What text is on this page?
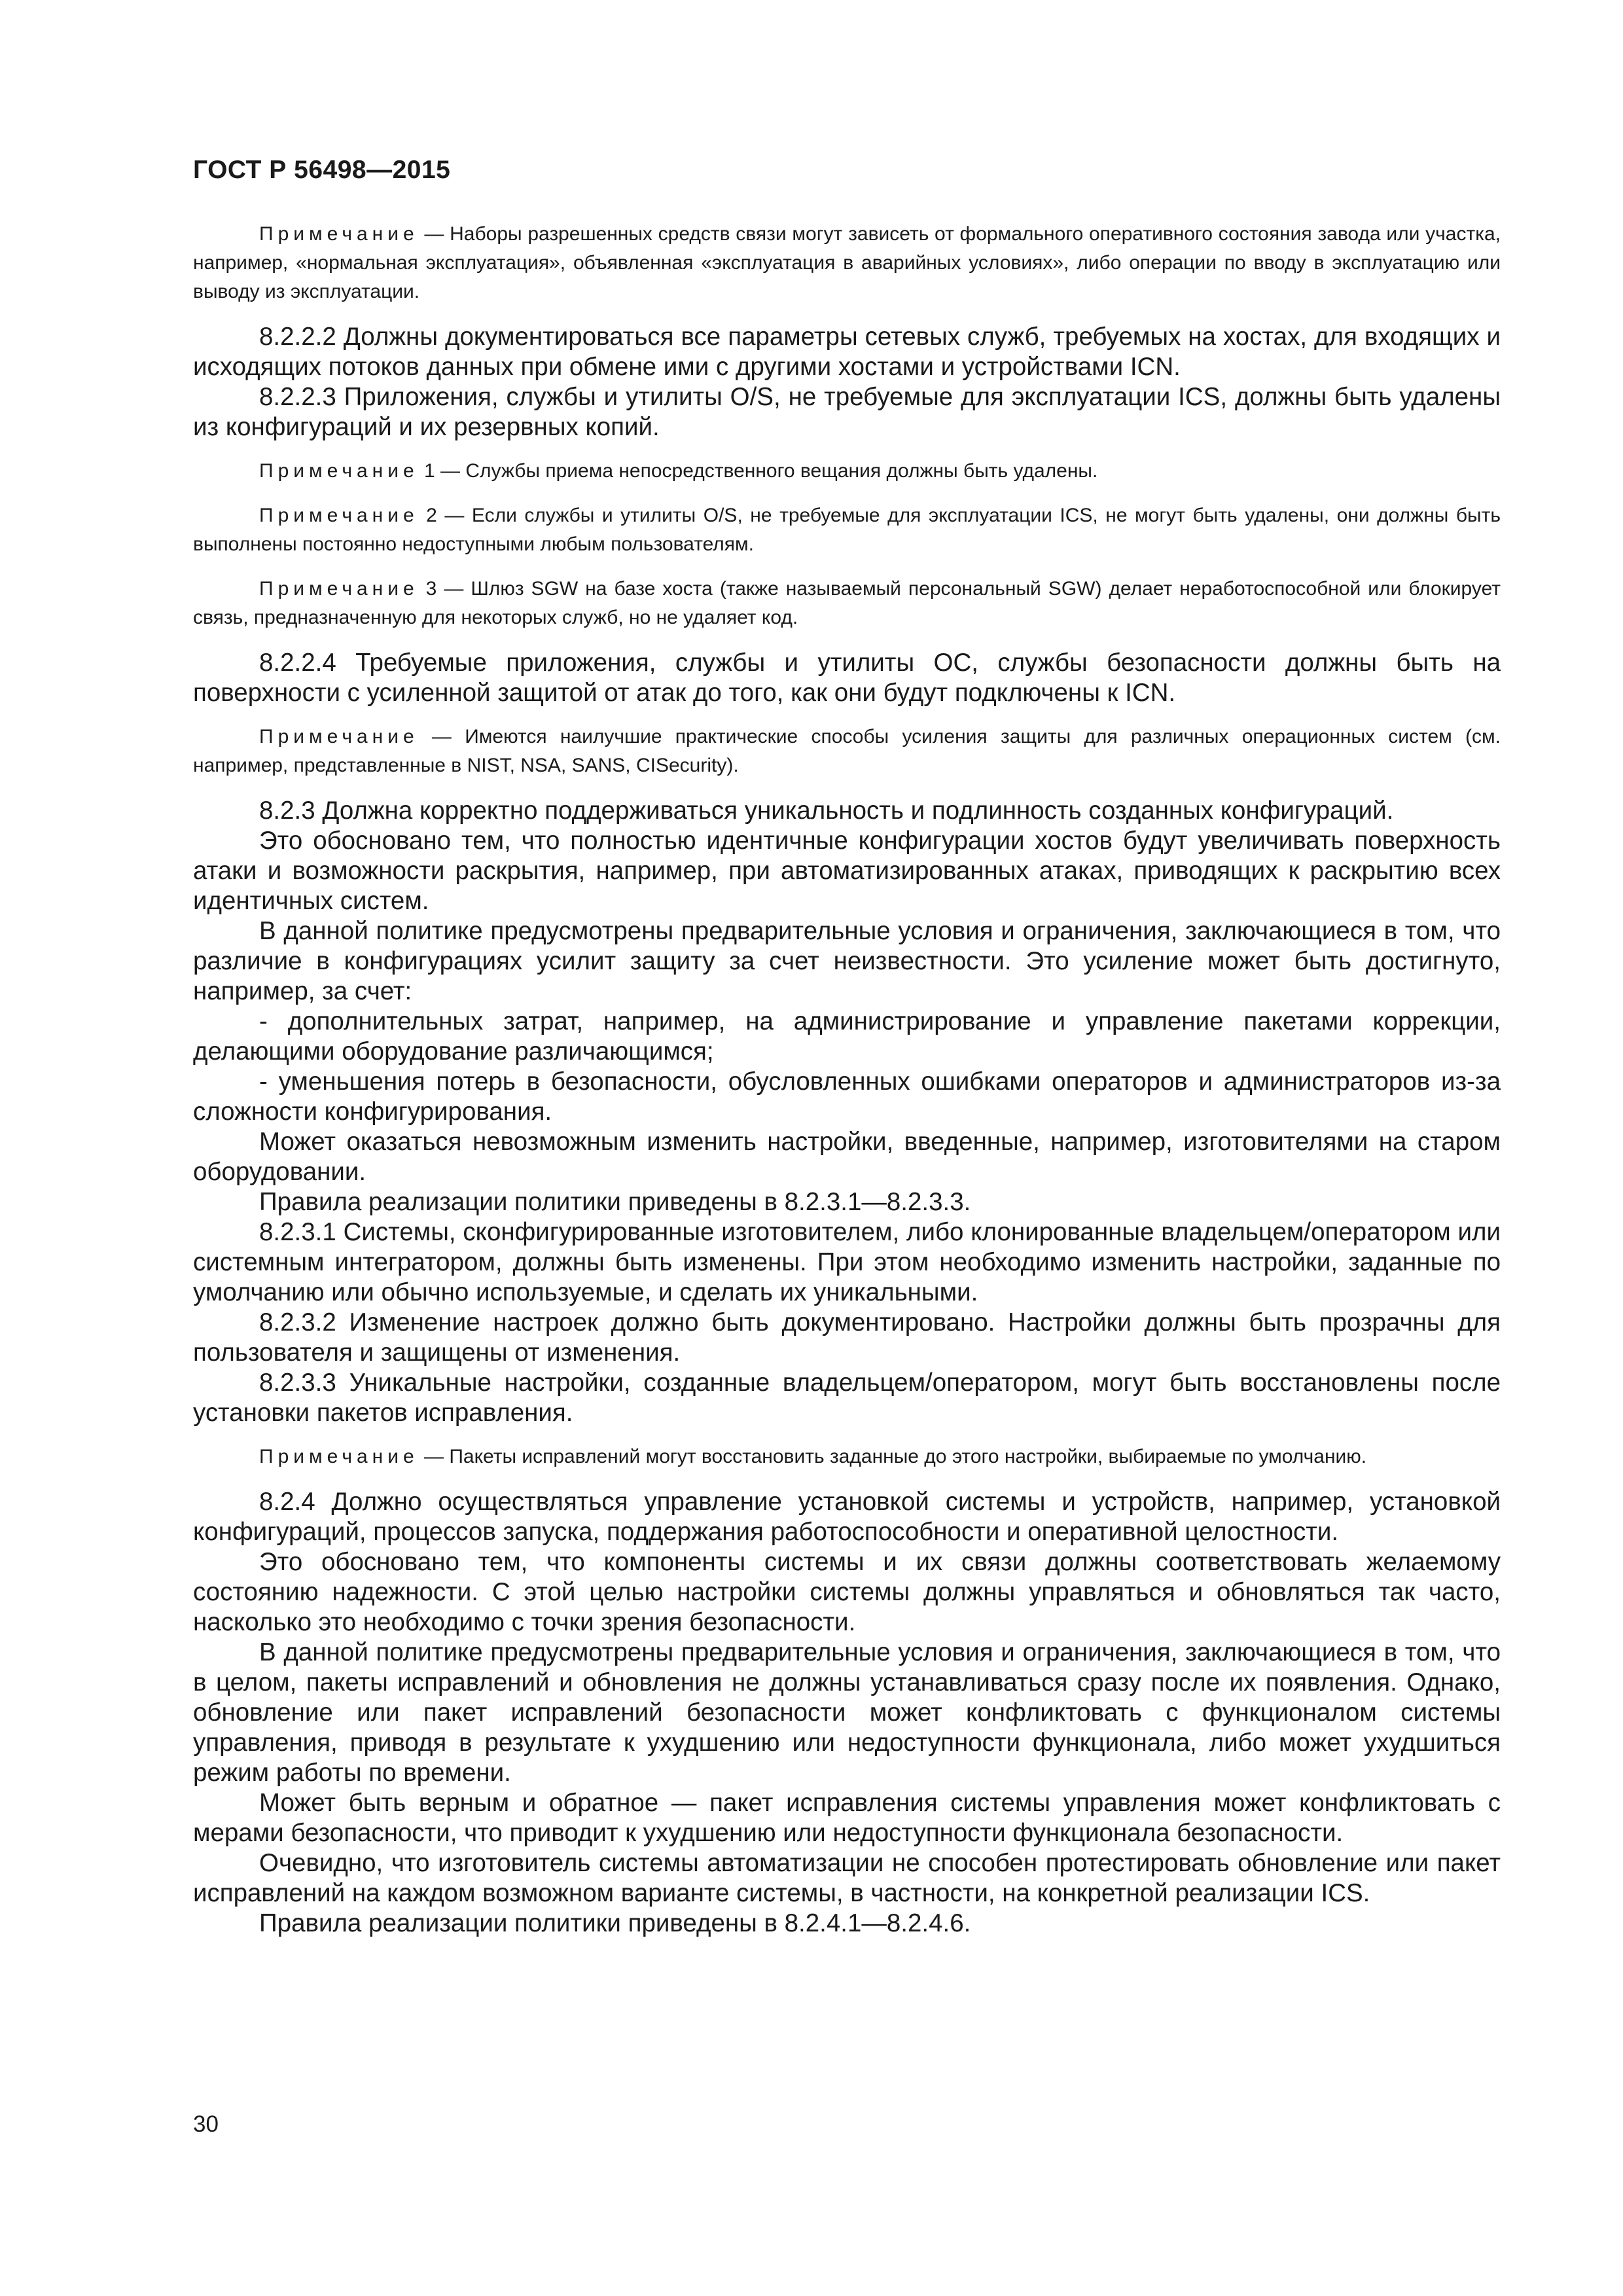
ГОСТ Р 56498—2015

Примечание — Наборы разрешенных средств связи могут зависеть от формального оперативного состояния завода или участка, например, «нормальная эксплуатация», объявленная «эксплуатация в аварийных условиях», либо операции по вводу в эксплуатацию или выводу из эксплуатации.

8.2.2.2 Должны документироваться все параметры сетевых служб, требуемых на хостах, для входящих и исходящих потоков данных при обмене ими с другими хостами и устройствами ICN.

8.2.2.3 Приложения, службы и утилиты O/S, не требуемые для эксплуатации ICS, должны быть удалены из конфигураций и их резервных копий.

Примечание 1 — Службы приема непосредственного вещания должны быть удалены.

Примечание 2 — Если службы и утилиты O/S, не требуемые для эксплуатации ICS, не могут быть удалены, они должны быть выполнены постоянно недоступными любым пользователям.

Примечание 3 — Шлюз SGW на базе хоста (также называемый персональный SGW) делает неработоспособной или блокирует связь, предназначенную для некоторых служб, но не удаляет код.

8.2.2.4 Требуемые приложения, службы и утилиты ОС, службы безопасности должны быть на поверхности с усиленной защитой от атак до того, как они будут подключены к ICN.

Примечание — Имеются наилучшие практические способы усиления защиты для различных операционных систем (см. например, представленные в NIST, NSA, SANS, CISecurity).

8.2.3 Должна корректно поддерживаться уникальность и подлинность созданных конфигураций.

Это обосновано тем, что полностью идентичные конфигурации хостов будут увеличивать поверхность атаки и возможности раскрытия, например, при автоматизированных атаках, приводящих к раскрытию всех идентичных систем.

В данной политике предусмотрены предварительные условия и ограничения, заключающиеся в том, что различие в конфигурациях усилит защиту за счет неизвестности. Это усиление может быть достигнуто, например, за счет:

- дополнительных затрат, например, на администрирование и управление пакетами коррекции, делающими оборудование различающимся;

- уменьшения потерь в безопасности, обусловленных ошибками операторов и администраторов из-за сложности конфигурирования.

Может оказаться невозможным изменить настройки, введенные, например, изготовителями на старом оборудовании.

Правила реализации политики приведены в 8.2.3.1—8.2.3.3.

8.2.3.1 Системы, сконфигурированные изготовителем, либо клонированные владельцем/оператором или системным интегратором, должны быть изменены. При этом необходимо изменить настройки, заданные по умолчанию или обычно используемые, и сделать их уникальными.

8.2.3.2 Изменение настроек должно быть документировано. Настройки должны быть прозрачны для пользователя и защищены от изменения.

8.2.3.3 Уникальные настройки, созданные владельцем/оператором, могут быть восстановлены после установки пакетов исправления.

Примечание — Пакеты исправлений могут восстановить заданные до этого настройки, выбираемые по умолчанию.

8.2.4 Должно осуществляться управление установкой системы и устройств, например, установкой конфигураций, процессов запуска, поддержания работоспособности и оперативной целостности.

Это обосновано тем, что компоненты системы и их связи должны соответствовать желаемому состоянию надежности. С этой целью настройки системы должны управляться и обновляться так часто, насколько это необходимо с точки зрения безопасности.

В данной политике предусмотрены предварительные условия и ограничения, заключающиеся в том, что в целом, пакеты исправлений и обновления не должны устанавливаться сразу после их появления. Однако, обновление или пакет исправлений безопасности может конфликтовать с функционалом системы управления, приводя в результате к ухудшению или недоступности функционала, либо может ухудшиться режим работы по времени.

Может быть верным и обратное — пакет исправления системы управления может конфликтовать с мерами безопасности, что приводит к ухудшению или недоступности функционала безопасности.

Очевидно, что изготовитель системы автоматизации не способен протестировать обновление или пакет исправлений на каждом возможном варианте системы, в частности, на конкретной реализации ICS.

Правила реализации политики приведены в 8.2.4.1—8.2.4.6.

30
